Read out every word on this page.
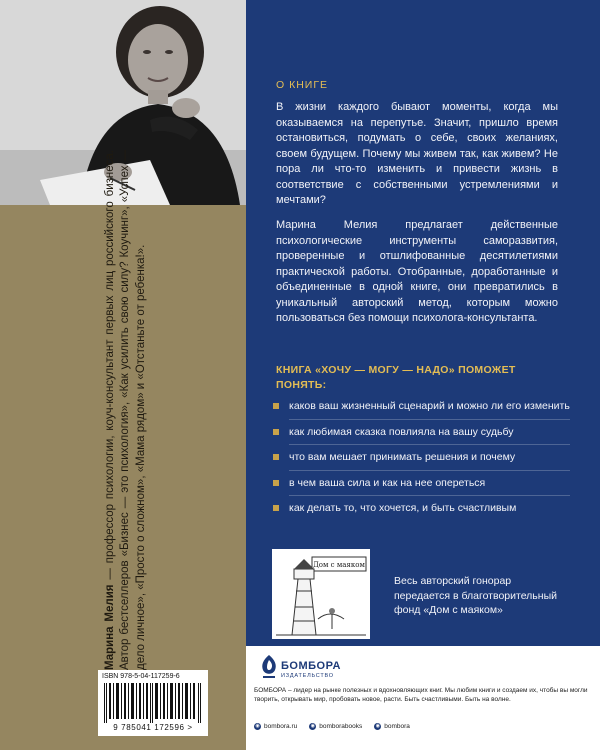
Марина Мелия — профессор психологии, коуч-консультант первых лиц российского бизнеса. Автор бестселлеров «Бизнес — это психология», «Как усилить свою силу? Коучинг», «Успех — дело личное», «Просто о сложном», «Мама рядом» и «Отстаньте от ребенка!».
ISBN 978-5-04-117259-6
9 785041 172596 >
О КНИГЕ
В жизни каждого бывают моменты, когда мы оказываемся на перепутье. Значит, пришло время остановиться, подумать о себе, своих желаниях, своем будущем. Почему мы живем так, как живем? Не пора ли что-то изменить и привести жизнь в соответствие с собственными устремлениями и мечтами?
Марина Мелия предлагает действенные психологические инструменты саморазвития, проверенные и отшлифованные десятилетиями практической работы. Отобранные, доработанные и объединенные в одной книге, они превратились в уникальный авторский метод, которым можно пользоваться без помощи психолога-консультанта.
КНИГА «ХОЧУ — МОГУ — НАДО» ПОМОЖЕТ ПОНЯТЬ:
каков ваш жизненный сценарий и можно ли его изменить
как любимая сказка повлияла на вашу судьбу
что вам мешает принимать решения и почему
в чем ваша сила и как на нее опереться
как делать то, что хочется, и быть счастливым
Дом с маяком
Весь авторский гонорар передается в благотворительный фонд «Дом с маяком»
БОМБОРА
ИЗДАТЕЛЬСТВО
БОМБОРА – лидер на рынке полезных и вдохновляющих книг. Мы любим книги и создаем их, чтобы вы могли творить, открывать мир, пробовать новое, расти. Быть счастливыми. Быть на волне.
◉ bombora.ru	◉ bomborabooks	◉ bombora
